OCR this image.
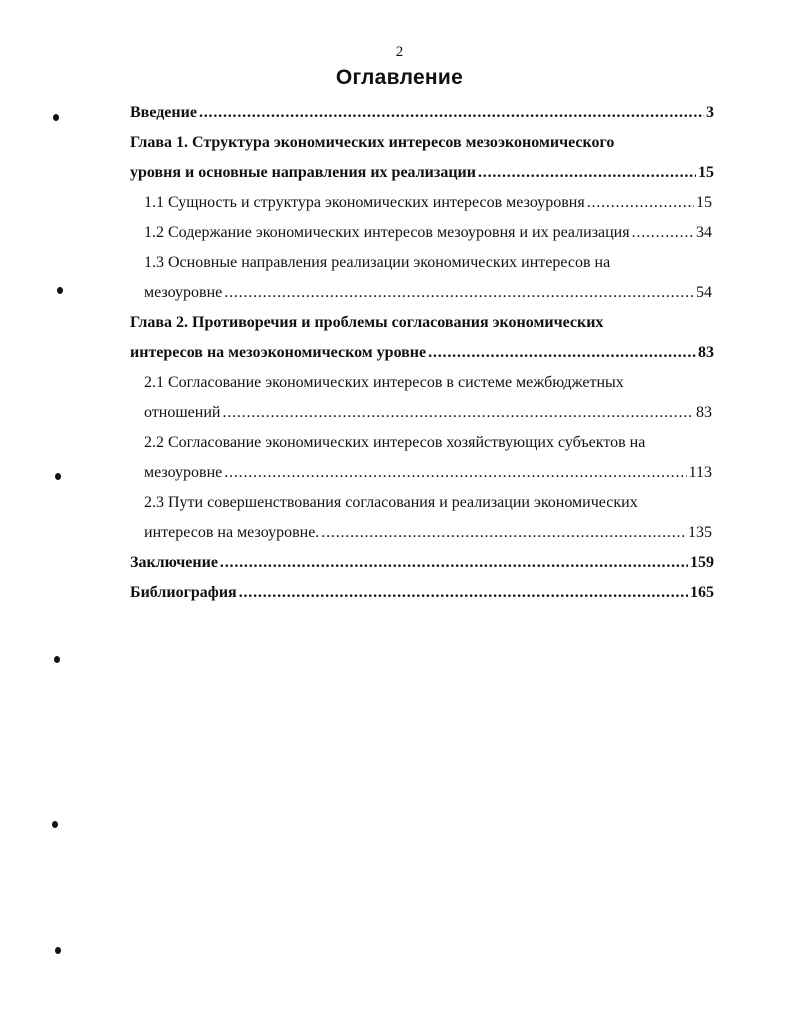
2
Оглавление
Введение . . .	3
Глава 1. Структура экономических интересов мезоэкономического
уровня и основные направления их реализации . . .	15
1.1 Сущность и структура экономических интересов мезоуровня . . .	15
1.2 Содержание экономических интересов мезоуровня и их реализация . . .	34
1.3 Основные направления реализации экономических интересов на
мезоуровне . . .	54
Глава 2. Противоречия и проблемы согласования экономических
интересов на мезоэкономическом уровне . . .	83
2.1 Согласование экономических интересов в системе межбюджетных
отношений . . .	83
2.2 Согласование экономических интересов хозяйствующих субъектов на
мезоуровне . . .	113
2.3 Пути совершенствования согласования и реализации экономических
интересов на мезоуровне. . . .	135
Заключение . . .	159
Библиография . . .	165
